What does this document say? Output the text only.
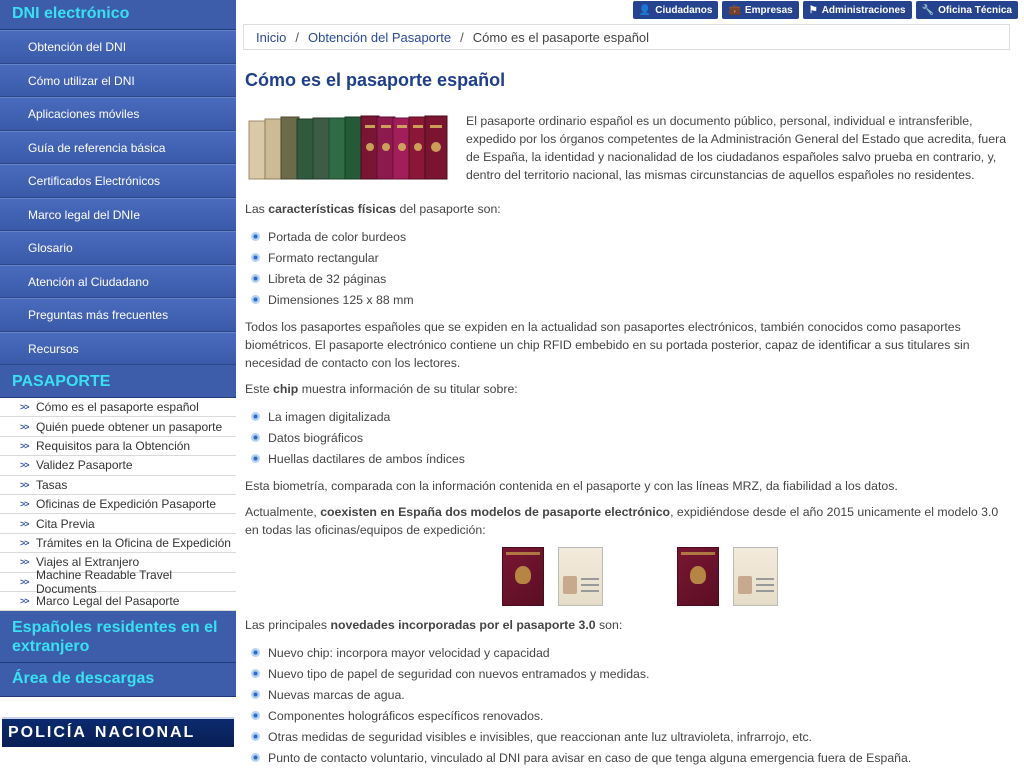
DNI electrónico
Obtención del DNI
Cómo utilizar el DNI
Aplicaciones móviles
Guía de referencia básica
Certificados Electrónicos
Marco legal del DNIe
Glosario
Atención al Ciudadano
Preguntas más frecuentes
Recursos
PASAPORTE
>> Cómo es el pasaporte español
>> Quién puede obtener un pasaporte
>> Requisitos para la Obtención
>> Validez Pasaporte
>> Tasas
>> Oficinas de Expedición Pasaporte
>> Cita Previa
>> Trámites en la Oficina de Expedición
>> Viajes al Extranjero
>> Machine Readable Travel Documents
>> Marco Legal del Pasaporte
Españoles residentes en el extranjero
Área de descargas
POLICÍA NACIONAL
👤 Ciudadanos 💼 Empresas ⚑ Administraciones 🔧 Oficina Técnica
Inicio / Obtención del Pasaporte / Cómo es el pasaporte español
Cómo es el pasaporte español

El pasaporte ordinario español es un documento público, personal, individual e intransferible, expedido por los órganos competentes de la Administración General del Estado que acredita, fuera de España, la identidad y nacionalidad de los ciudadanos españoles salvo prueba en contrario, y, dentro del territorio nacional, las mismas circunstancias de aquellos españoles no residentes.

Las características físicas del pasaporte son:

Portada de color burdeos
Formato rectangular
Libreta de 32 páginas
Dimensiones 125 x 88 mm

Todos los pasaportes españoles que se expiden en la actualidad son pasaportes electrónicos, también conocidos como pasaportes biométricos. El pasaporte electrónico contiene un chip RFID embebido en su portada posterior, capaz de identificar a sus titulares sin necesidad de contacto con los lectores.

Este chip muestra información de su titular sobre:

La imagen digitalizada
Datos biográficos
Huellas dactilares de ambos índices

Esta biometría, comparada con la información contenida en el pasaporte y con las líneas MRZ, da fiabilidad a los datos.

Actualmente, coexisten en España dos modelos de pasaporte electrónico, expidiéndose desde el año 2015 unicamente el modelo 3.0 en todas las oficinas/equipos de expedición:

Las principales novedades incorporadas por el pasaporte 3.0 son:

Nuevo chip: incorpora mayor velocidad y capacidad
Nuevo tipo de papel de seguridad con nuevos entramados y medidas.
Nuevas marcas de agua.
Componentes holográficos específicos renovados.
Otras medidas de seguridad visibles e invisibles, que reaccionan ante luz ultravioleta, infrarrojo, etc.
Punto de contacto voluntario, vinculado al DNI para avisar en caso de que tenga alguna emergencia fuera de España.
